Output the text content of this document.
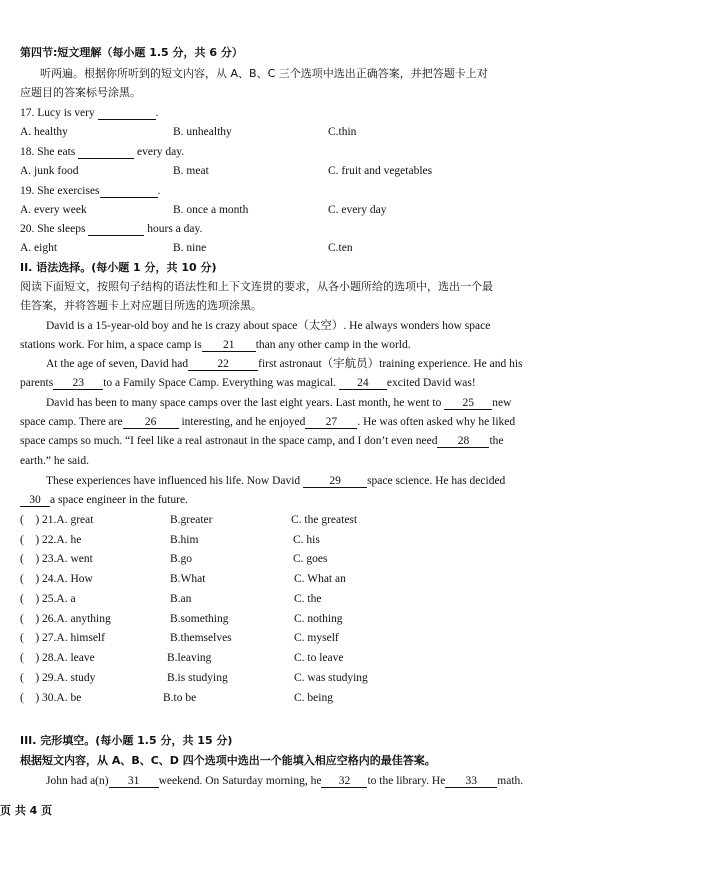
第四节:短文理解（每小题 1.5 分，共 6 分）
听两遍。根据你所听到的短文内容，从 A、B、C 三个选项中选出正确答案，并把答题卡上对
应题目的答案标号涂黑。
17. Lucy is very	.
A. healthy	B. unhealthy	C.thin
18. She eats	every day.
A. junk food	B. meat	C. fruit and vegetables
19. She exercises	.
A. every week	B. once a month	C. every day
20. She sleeps	hours a day.
A. eight	B. nine	C.ten
II. 语法选择。(每小题 1 分，共 10 分)
阅读下面短文，按照句子结构的语法性和上下文连贯的要求，从各小题所给的选项中，选出一个最
佳答案，并将答题卡上对应题目所选的选项涂黑。
David is a 15-year-old boy and he is crazy about space（太空）. He always wonders how space
stations work. For him, a space camp is 21 than any other camp in the world.
At the age of seven, David had	22	first astronaut（宇航员）training experience. He and his
parents 23 to a Family Space Camp. Everything was magical. 24 excited David was!
David has been to many space camps over the last eight years. Last month, he went to 25 new
space camp. There are 26 interesting, and he enjoyed 27 . He was often asked why he liked
space camps so much. “I feel like a real astronaut in the space camp, and I don’t even need 28 the
earth.” he said.
These experiences have influenced his life. Now David	29 space science. He has decided
30 a space engineer in the future.
(    ) 21.A. great	B.greater	C. the greatest
(    ) 22.A. he	B.him	C. his
(    ) 23.A. went	B.go	C. goes
(    ) 24.A. How	B.What	C. What an
(    ) 25.A. a	B.an	C. the
(    ) 26.A. anything	B.something	C. nothing
(    ) 27.A. himself	B.themselves	C. myself
(    ) 28.A. leave	B.leaving	C. to leave
(    ) 29.A. study	B.is studying	C. was studying
(    ) 30.A. be	B.to be	C. being
III. 完形填空。(每小题 1.5 分，共 15 分)
根据短文内容，从 A、B、C、D 四个选项中选出一个能填入相应空格内的最佳答案。
John had a(n) 31 weekend. On Saturday morning, he 32 to the library. He 33 math.
页 共 4 页
